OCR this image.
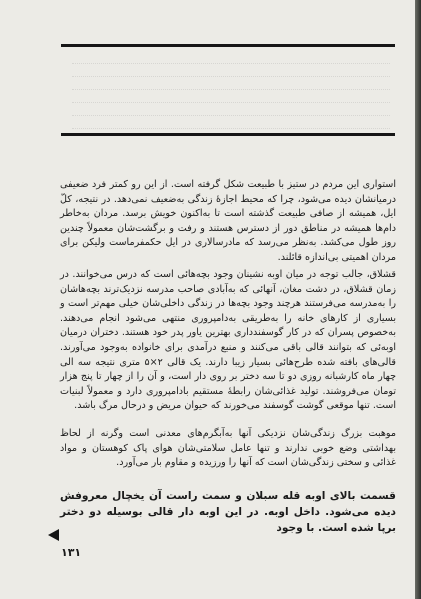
استواری این مردم در ستیز با طبیعت شکل گرفته است. از این رو کمتر فرد ضعیفی درمیانشان دیده می‌شود، چرا که محیط اجازهٔ زندگی به‌ضعیف نمی‌دهد. در نتیجه، کلّ ایل، همیشه از صافی طبیعت گذشته است تا به‌اکنون خویش برسد. مردان به‌خاطر دام‌ها همیشه در مناطق دور از دسترس هستند و رفت و برگشت‌شان معمولاً چندین روز طول می‌کشد. به‌نظر می‌رسد که مادرسالاری در ایل حکمفرماست ولیکن برای مردان اهمیتی بی‌اندازه قائلند.
قشلاق، جالب توجه در میان اوبه نشینان وجود بچه‌هائی است که درس می‌خوانند. در زمان قشلاق، در دشت مغان، آنهائی که به‌آبادی صاحب مدرسه نزدیک‌ترند بچه‌هاشان را به‌مدرسه می‌فرستند هرچند وجود بچه‌ها در زندگی داخلی‌شان خیلی مهم‌تر است و بسیاری از کارهای خانه را به‌طریقی به‌دامپروری منتهی می‌شود انجام می‌دهند. به‌خصوص پسران که در کار گوسفندداری بهترین یاور پدر خود هستند. دختران درمیان اوبه‌ئی که بتوانند قالی باقی می‌کنند و منبع درآمدی برای خانواده به‌وجود می‌آورند. قالی‌های بافته شده طرح‌هائی بسیار زیبا دارند. یک قالی ۲×۵ متری نتیجه سه الی چهار ماه کارشبانه روزی دو تا سه دختر بر روی دار است، و آن را از چهار تا پنج هزار تومان می‌فروشند. تولید غذائی‌شان رابطهٔ مستقیم بادامپروری دارد و معمولاً لبنیات است. تنها موقعی گوشت گوسفند می‌خورند که حیوان مریض و درحال مرگ باشد.
موهبت بزرگ زندگی‌شان نزدیکی آنها به‌آبگرم‌های معدنی است وگرنه از لحاظ بهداشتی وضع خوبی ندارند و تنها عامل سلامتی‌شان هوای پاک کوهستان و مواد غذائی و سختی زندگی‌شان است که آنها را ورزیده و مقاوم بار می‌آورد.
قسمت بالای اوبه قله سبلان و سمت راست آن یخچال معروفش دیده می‌شود. داخل اوبه. در این اوبه دار قالی بوسیله دو دختر برپا شده است. با وجود
۱۳۱
